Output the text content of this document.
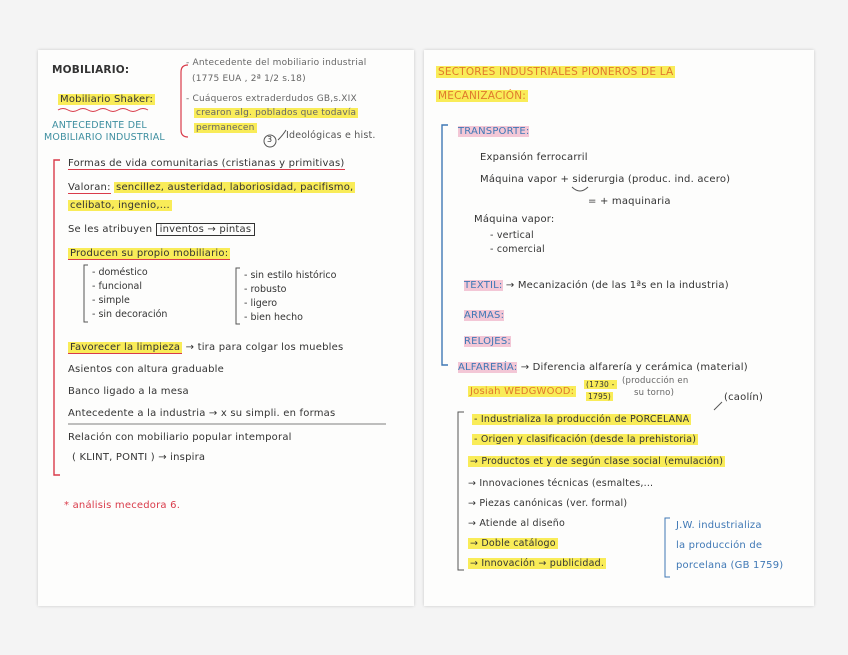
MOBILIARIO:
Mobiliario Shaker:
ANTECEDENTE DEL
MOBILIARIO INDUSTRIAL
- Antecedente del mobiliario industrial
(1775 EUA , 2ª 1/2 s.18)
- Cuáqueros extraderdudos GB,s.XIX
crearon alg. poblados que todavía
permanecen
3 Ideológicas e hist.
Formas de vida comunitarias (cristianas y primitivas)
Valoran: sencillez, austeridad, laboriosidad, pacifismo,
celibato, ingenio,...
Se les atribuyen inventos → pintas
Producen su propio mobiliario:
- doméstico
- funcional
- simple
- sin decoración
- sin estilo histórico
- robusto
- ligero
- bien hecho
Favorecer la limpieza → tira para colgar los muebles
Asientos con altura graduable
Banco ligado a la mesa
Antecedente a la industria → x su simpli. en formas
Relación con mobiliario popular intemporal
( KLINT, PONTI ) → inspira
* análisis mecedora 6.
SECTORES INDUSTRIALES PIONEROS DE LA
MECANIZACIÓN:
TRANSPORTE:
Expansión ferrocarril
Máquina vapor + siderurgia (produc. ind. acero)
= + maquinaria
Máquina vapor:
- vertical
- comercial
TEXTIL: → Mecanización (de las 1ªs en la industria)
ARMAS:
RELOJES:
ALFARERÍA: → Diferencia alfarería y cerámica (material)
Josiah WEDGWOOD:
(1730 -
1795)
(producción en
su torno)	(caolín)
- Industrializa la producción de PORCELANA
- Origen y clasificación (desde la prehistoria)
→ Productos et y de según clase social (emulación)
→ Innovaciones técnicas (esmaltes,...
→ Piezas canónicas (ver. formal)
→ Atiende al diseño
→ Doble catálogo
→ Innovación → publicidad.
J.W. industrializa
la producción de
porcelana (GB 1759)
